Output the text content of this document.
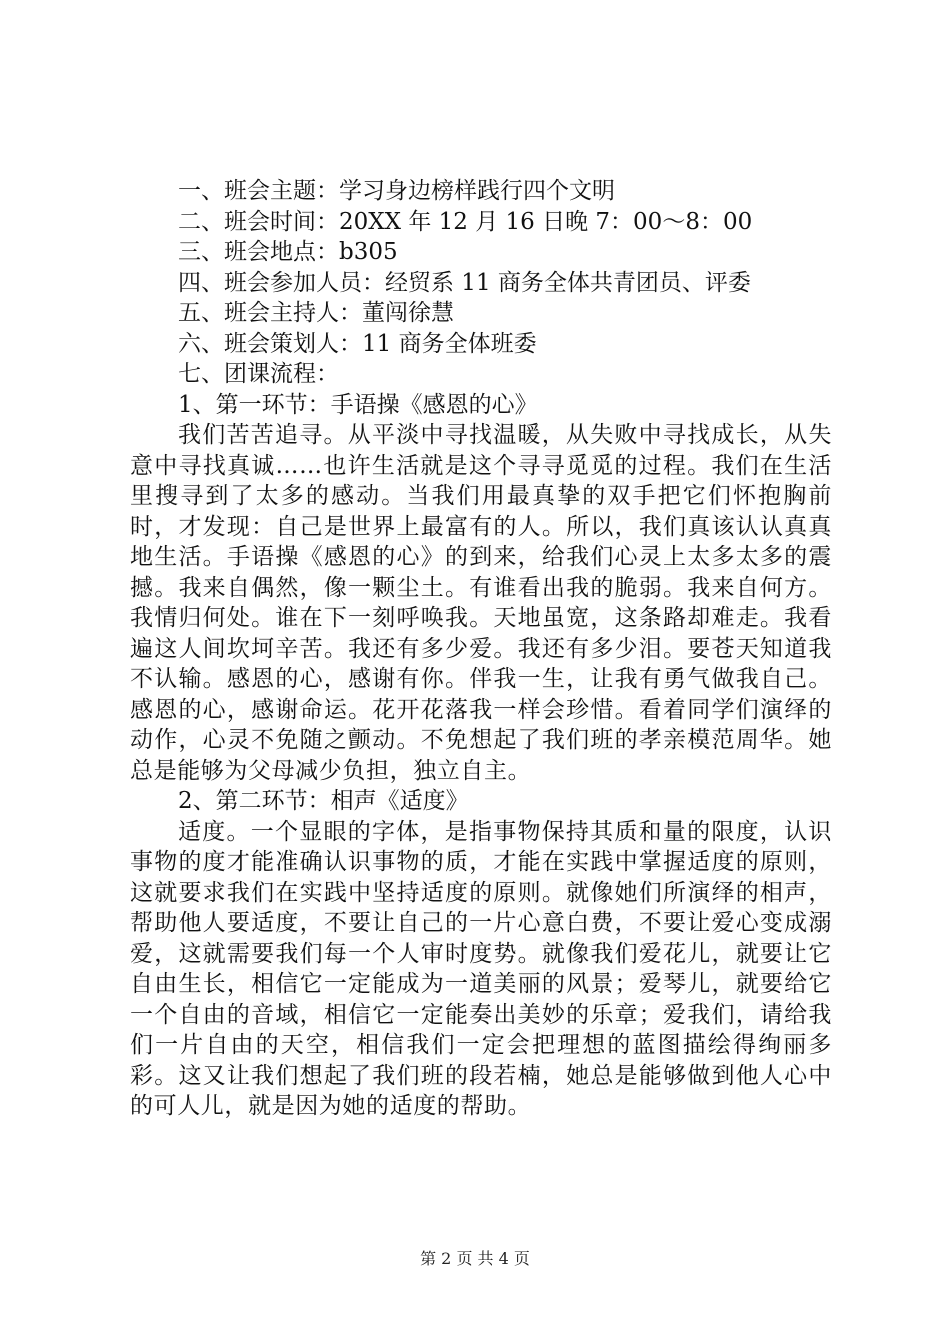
一、班会主题：学习身边榜样践行四个文明

二、班会时间：20XX 年 12 月 16 日晚 7：00～8：00

三、班会地点：b305

四、班会参加人员：经贸系 11 商务全体共青团员、评委

五、班会主持人：董闯徐慧

六、班会策划人：11 商务全体班委

七、团课流程：

1、第一环节：手语操《感恩的心》

我们苦苦追寻。从平淡中寻找温暖，从失败中寻找成长，从失意中寻找真诚……也许生活就是这个寻寻觅觅的过程。我们在生活里搜寻到了太多的感动。当我们用最真挚的双手把它们怀抱胸前时，才发现：自己是世界上最富有的人。所以，我们真该认认真真地生活。手语操《感恩的心》的到来，给我们心灵上太多太多的震撼。我来自偶然，像一颗尘土。有谁看出我的脆弱。我来自何方。我情归何处。谁在下一刻呼唤我。天地虽宽，这条路却难走。我看遍这人间坎坷辛苦。我还有多少爱。我还有多少泪。要苍天知道我不认输。感恩的心，感谢有你。伴我一生，让我有勇气做我自己。感恩的心，感谢命运。花开花落我一样会珍惜。看着同学们演绎的动作，心灵不免随之颤动。不免想起了我们班的孝亲模范周华。她总是能够为父母减少负担，独立自主。

2、第二环节：相声《适度》

适度。一个显眼的字体，是指事物保持其质和量的限度，认识事物的度才能准确认识事物的质，才能在实践中掌握适度的原则，这就要求我们在实践中坚持适度的原则。就像她们所演绎的相声，帮助他人要适度，不要让自己的一片心意白费，不要让爱心变成溺爱，这就需要我们每一个人审时度势。就像我们爱花儿，就要让它自由生长，相信它一定能成为一道美丽的风景；爱琴儿，就要给它一个自由的音域，相信它一定能奏出美妙的乐章；爱我们，请给我们一片自由的天空，相信我们一定会把理想的蓝图描绘得绚丽多彩。这又让我们想起了我们班的段若楠，她总是能够做到他人心中的可人儿，就是因为她的适度的帮助。

第 2 页 共 4 页
